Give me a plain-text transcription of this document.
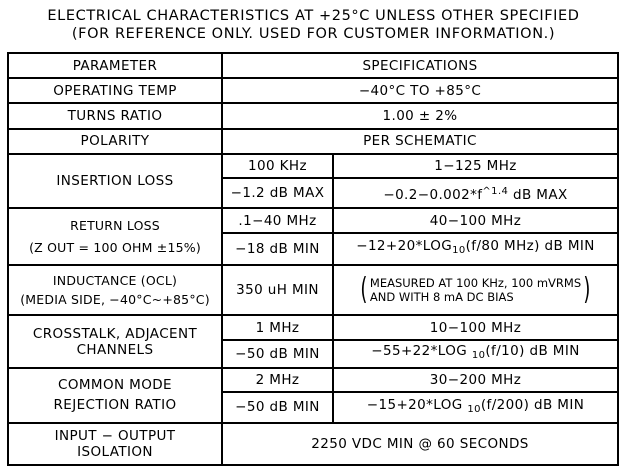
ELECTRICAL CHARACTERISTICS AT +25°C UNLESS OTHER SPECIFIED
(FOR REFERENCE ONLY. USED FOR CUSTOMER INFORMATION.)
PARAMETER	SPECIFICATIONS	
OPERATING TEMP	−40°C TO +85°C	
TURNS RATIO	1.00 ± 2%	
POLARITY	PER SCHEMATIC	
INSERTION LOSS	100 KHz	1−125 MHz
	−1.2 dB MAX	$-0.2-0.002*f^{\^{}1.4}$ dB MAX

RETURN LOSS
(Z OUT = 100 OHM ±15%)	.1−40 MHz	40−100 MHz
	−18 dB MIN	$-12+20*LOG_{10}(f/80$ MHz) dB MIN

INDUCTANCE (OCL)
(MEDIA SIDE, −40°C~+85°C)	350 uH MIN	( MEASURED AT 100 KHz, 100 mVRMS
AND WITH 8 mA DC BIAS )

CROSSTALK, ADJACENT
CHANNELS	1 MHz	10−100 MHz
	−50 dB MIN	−55+22*LOG $_{10}$(f/10) dB MIN

COMMON MODE
REJECTION RATIO	2 MHz	30−200 MHz
	−50 dB MIN	−15+20*LOG $_{10}$(f/200) dB MIN

INPUT − OUTPUT
ISOLATION	2250 VDC MIN @ 60 SECONDS	
